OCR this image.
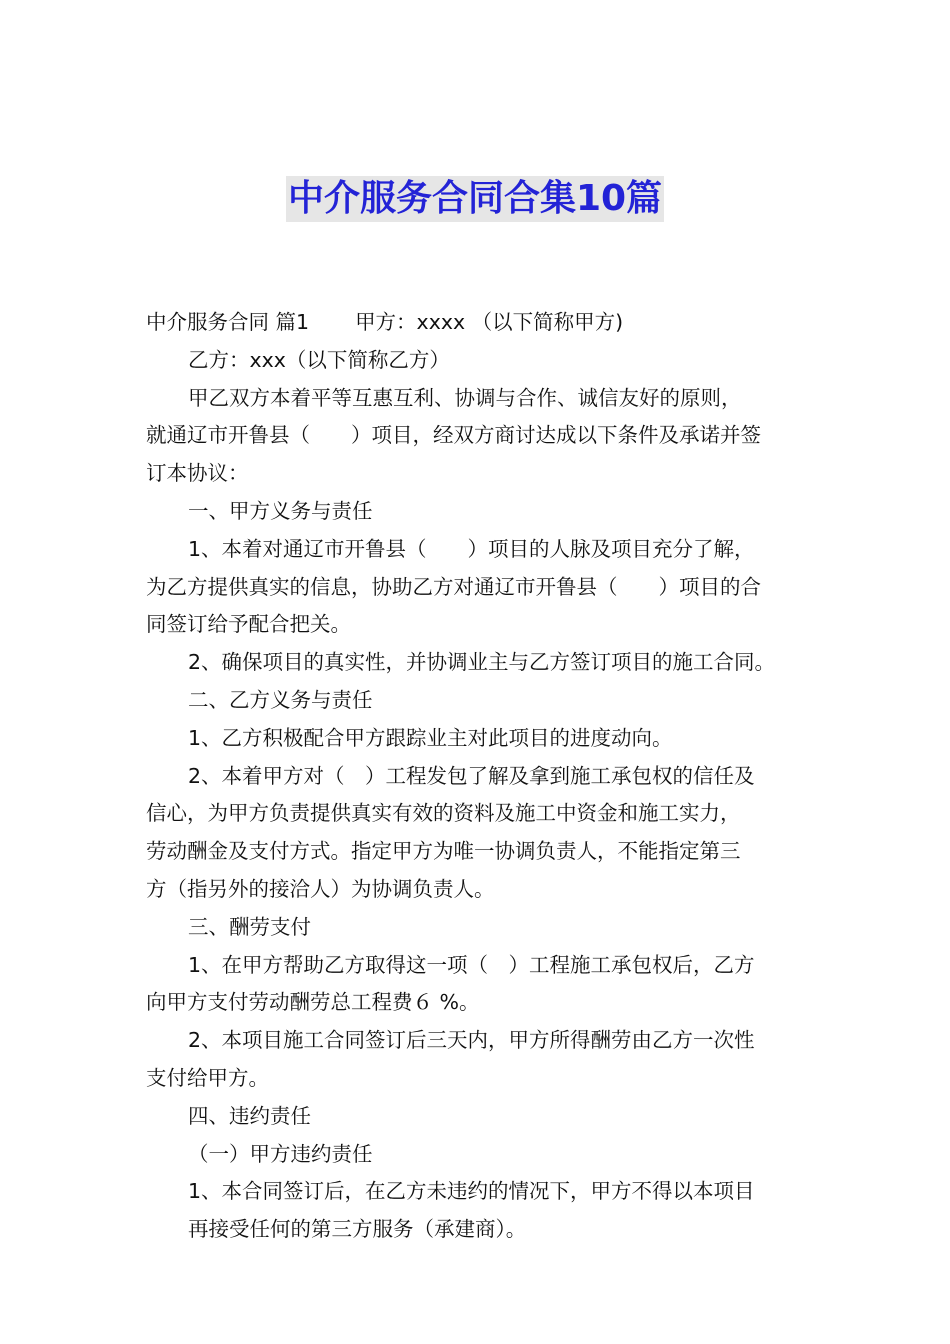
中介服务合同合集10篇

中介服务合同 篇1 甲方：xxxx （以下简称甲方)

乙方：xxx（以下简称乙方）

甲乙双方本着平等互惠互利、协调与合作、诚信友好的原则，

就通辽市开鲁县（　　）项目，经双方商讨达成以下条件及承诺并签

订本协议：

一、甲方义务与责任

1、本着对通辽市开鲁县（　　）项目的人脉及项目充分了解，

为乙方提供真实的信息，协助乙方对通辽市开鲁县（　　）项目的合

同签订给予配合把关。

2、确保项目的真实性，并协调业主与乙方签订项目的施工合同。

二、乙方义务与责任

1、乙方积极配合甲方跟踪业主对此项目的进度动向。

2、本着甲方对（　）工程发包了解及拿到施工承包权的信任及

信心，为甲方负责提供真实有效的资料及施工中资金和施工实力，

劳动酬金及支付方式。指定甲方为唯一协调负责人，不能指定第三

方（指另外的接洽人）为协调负责人。

三、酬劳支付

1、在甲方帮助乙方取得这一项（　）工程施工承包权后，乙方

向甲方支付劳动酬劳总工程费６ %。

2、本项目施工合同签订后三天内，甲方所得酬劳由乙方一次性

支付给甲方。

四、违约责任

（一）甲方违约责任

1、本合同签订后，在乙方未违约的情况下，甲方不得以本项目

再接受任何的第三方服务（承建商）。
